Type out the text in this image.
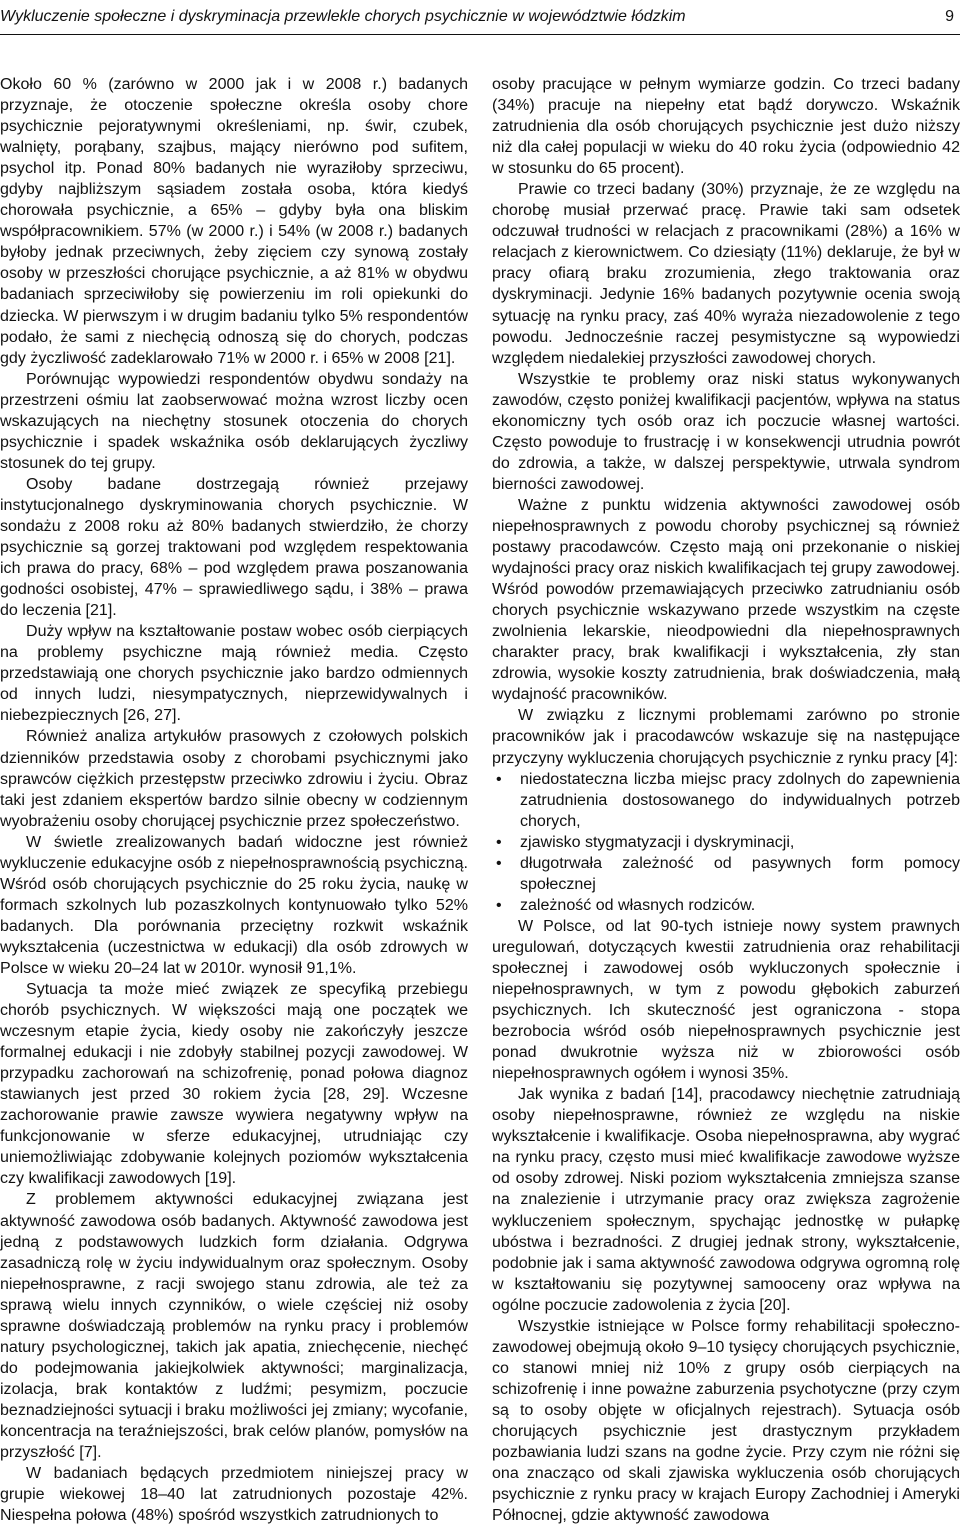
Wykluczenie społeczne i dyskryminacja przewlekle chorych psychicznie w województwie łódzkim	9

Około 60 % (zarówno w 2000 jak i w 2008 r.) badanych przyznaje, że otoczenie społeczne określa osoby chore psychicznie pejoratywnymi określeniami, np. świr, czubek, walnięty, porąbany, szajbus, mający nierówno pod sufitem, psychol itp. Ponad 80% badanych nie wyraziłoby sprzeciwu, gdyby najbliższym sąsiadem została osoba, która kiedyś chorowała psychicznie, a 65% – gdyby była ona bliskim współpracownikiem. 57% (w 2000 r.) i 54% (w 2008 r.) badanych byłoby jednak przeciwnych, żeby zięciem czy synową zostały osoby w przeszłości chorujące psychicznie, a aż 81% w obydwu badaniach sprzeciwiłoby się powierzeniu im roli opiekunki do dziecka. W pierwszym i w drugim badaniu tylko 5% respondentów podało, że sami z niechęcią odnoszą się do chorych, podczas gdy życzliwość zadeklarowało 71% w 2000 r. i 65% w 2008 [21].

Porównując wypowiedzi respondentów obydwu sondaży na przestrzeni ośmiu lat zaobserwować można wzrost liczby ocen wskazujących na niechętny stosunek otoczenia do chorych psychicznie i spadek wskaźnika osób deklarujących życzliwy stosunek do tej grupy.

Osoby badane dostrzegają również przejawy instytucjonalnego dyskryminowania chorych psychicznie. W sondażu z 2008 roku aż 80% badanych stwierdziło, że chorzy psychicznie są gorzej traktowani pod względem respektowania ich prawa do pracy, 68% – pod względem prawa poszanowania godności osobistej, 47% – sprawiedliwego sądu, i 38% – prawa do leczenia [21].

Duży wpływ na kształtowanie postaw wobec osób cierpiących na problemy psychiczne mają również media. Często przedstawiają one chorych psychicznie jako bardzo odmiennych od innych ludzi, niesympatycznych, nieprzewidywalnych i niebezpiecznych [26, 27].

Również analiza artykułów prasowych z czołowych polskich dzienników przedstawia osoby z chorobami psychicznymi jako sprawców ciężkich przestępstw przeciwko zdrowiu i życiu. Obraz taki jest zdaniem ekspertów bardzo silnie obecny w codziennym wyobrażeniu osoby chorującej psychicznie przez społeczeństwo.

W świetle zrealizowanych badań widoczne jest również wykluczenie edukacyjne osób z niepełnosprawnością psychiczną. Wśród osób chorujących psychicznie do 25 roku życia, naukę w formach szkolnych lub pozaszkolnych kontynuowało tylko 52% badanych. Dla porównania przeciętny rozkwit wskaźnik wykształcenia (uczestnictwa w edukacji) dla osób zdrowych w Polsce w wieku 20–24 lat w 2010r. wynosił 91,1%.

Sytuacja ta może mieć związek ze specyfiką przebiegu chorób psychicznych. W większości mają one początek we wczesnym etapie życia, kiedy osoby nie zakończyły jeszcze formalnej edukacji i nie zdobyły stabilnej pozycji zawodowej. W przypadku zachorowań na schizofrenię, ponad połowa diagnoz stawianych jest przed 30 rokiem życia [28, 29]. Wczesne zachorowanie prawie zawsze wywiera negatywny wpływ na funkcjonowanie w sferze edukacyjnej, utrudniając czy uniemożliwiając zdobywanie kolejnych poziomów wykształcenia czy kwalifikacji zawodowych [19].

Z problemem aktywności edukacyjnej związana jest aktywność zawodowa osób badanych. Aktywność zawodowa jest jedną z podstawowych ludzkich form działania. Odgrywa zasadniczą rolę w życiu indywidualnym oraz społecznym. Osoby niepełnosprawne, z racji swojego stanu zdrowia, ale też za sprawą wielu innych czynników, o wiele częściej niż osoby sprawne doświadczają problemów na rynku pracy i problemów natury psychologicznej, takich jak apatia, zniechęcenie, niechęć do podejmowania jakiejkolwiek aktywności; marginalizacja, izolacja, brak kontaktów z ludźmi; pesymizm, poczucie beznadziejności sytuacji i braku możliwości jej zmiany; wycofanie, koncentracja na teraźniejszości, brak celów planów, pomysłów na przyszłość [7].

W badaniach będących przedmiotem niniejszej pracy w grupie wiekowej 18–40 lat zatrudnionych pozostaje 42%. Niespełna połowa (48%) spośród wszystkich zatrudnionych to

osoby pracujące w pełnym wymiarze godzin. Co trzeci badany (34%) pracuje na niepełny etat bądź dorywczo. Wskaźnik zatrudnienia dla osób chorujących psychicznie jest dużo niższy niż dla całej populacji w wieku do 40 roku życia (odpowiednio 42 w stosunku do 65 procent).

Prawie co trzeci badany (30%) przyznaje, że ze względu na chorobę musiał przerwać pracę. Prawie taki sam odsetek odczuwał trudności w relacjach z pracownikami (28%) a 16% w relacjach z kierownictwem. Co dziesiąty (11%) deklaruje, że był w pracy ofiarą braku zrozumienia, złego traktowania oraz dyskryminacji. Jedynie 16% badanych pozytywnie ocenia swoją sytuację na rynku pracy, zaś 40% wyraża niezadowolenie z tego powodu. Jednocześnie raczej pesymistyczne są wypowiedzi względem niedalekiej przyszłości zawodowej chorych.

Wszystkie te problemy oraz niski status wykonywanych zawodów, często poniżej kwalifikacji pacjentów, wpływa na status ekonomiczny tych osób oraz ich poczucie własnej wartości. Często powoduje to frustrację i w konsekwencji utrudnia powrót do zdrowia, a także, w dalszej perspektywie, utrwala syndrom bierności zawodowej.

Ważne z punktu widzenia aktywności zawodowej osób niepełnosprawnych z powodu choroby psychicznej są również postawy pracodawców. Często mają oni przekonanie o niskiej wydajności pracy oraz niskich kwalifikacjach tej grupy zawodowej. Wśród powodów przemawiających przeciwko zatrudnianiu osób chorych psychicznie wskazywano przede wszystkim na częste zwolnienia lekarskie, nieodpowiedni dla niepełnosprawnych charakter pracy, brak kwalifikacji i wykształcenia, zły stan zdrowia, wysokie koszty zatrudnienia, brak doświadczenia, małą wydajność pracowników.

W związku z licznymi problemami zarówno po stronie pracowników jak i pracodawców wskazuje się na następujące przyczyny wykluczenia chorujących psychicznie z rynku pracy [4]:

• niedostateczna liczba miejsc pracy zdolnych do zapewnienia zatrudnienia dostosowanego do indywidualnych potrzeb chorych,
• zjawisko stygmatyzacji i dyskryminacji,
• długotrwała zależność od pasywnych form pomocy społecznej
• zależność od własnych rodziców.

W Polsce, od lat 90-tych istnieje nowy system prawnych uregulowań, dotyczących kwestii zatrudnienia oraz rehabilitacji społecznej i zawodowej osób wykluczonych społecznie i niepełnosprawnych, w tym z powodu głębokich zaburzeń psychicznych. Ich skuteczność jest ograniczona - stopa bezrobocia wśród osób niepełnosprawnych psychicznie jest ponad dwukrotnie wyższa niż w zbiorowości osób niepełnosprawnych ogółem i wynosi 35%.

Jak wynika z badań [14], pracodawcy niechętnie zatrudniają osoby niepełnosprawne, również ze względu na niskie wykształcenie i kwalifikacje. Osoba niepełnosprawna, aby wygrać na rynku pracy, często musi mieć kwalifikacje zawodowe wyższe od osoby zdrowej. Niski poziom wykształcenia zmniejsza szanse na znalezienie i utrzymanie pracy oraz zwiększa zagrożenie wykluczeniem społecznym, spychając jednostkę w pułapkę ubóstwa i bezradności. Z drugiej jednak strony, wykształcenie, podobnie jak i sama aktywność zawodowa odgrywa ogromną rolę w kształtowaniu się pozytywnej samooceny oraz wpływa na ogólne poczucie zadowolenia z życia [20].

Wszystkie istniejące w Polsce formy rehabilitacji społeczno-zawodowej obejmują około 9–10 tysięcy chorujących psychicznie, co stanowi mniej niż 10% z grupy osób cierpiących na schizofrenię i inne poważne zaburzenia psychotyczne (przy czym są to osoby objęte w oficjalnych rejestrach). Sytuacja osób chorujących psychicznie jest drastycznym przykładem pozbawiania ludzi szans na godne życie. Przy czym nie różni się ona znacząco od skali zjawiska wykluczenia osób chorujących psychicznie z rynku pracy w krajach Europy Zachodniej i Ameryki Północnej, gdzie aktywność zawodowa
